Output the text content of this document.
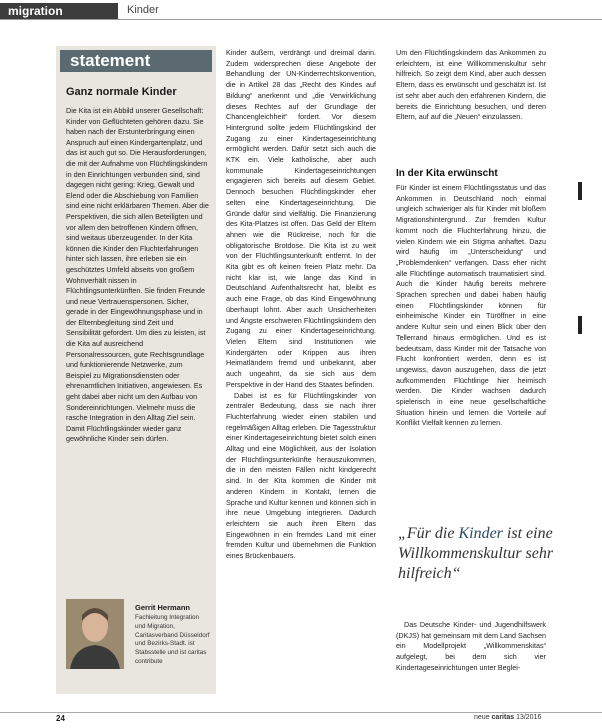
migration	Kinder
statement
Ganz normale Kinder
Die Kita ist ein Abbild unserer Gesellschaft: Kinder von Geflüchteten gehören dazu. Sie haben nach der Erstunterbringung einen Anspruch auf einen Kindergartenplatz, und das ist auch gut so. Die Herausforderungen, die mit der Aufnahme von Flüchtlingskindern in den Einrichtungen verbunden sind, sind dagegen nicht gering: Krieg, Gewalt und Elend oder die Abschiebung von Familien sind eine nicht erklärbaren Themen. Aber die Perspektiven, die sich allen Beteiligten und vor allem den betroffenen Kindern öffnen, sind weitaus überzeugender. In der Kita können die Kinder den Fluchterfahrungen hinter sich lassen, ihre erleben sie ein geschütztes Umfeld abseits von großem Wohnverhält nissen in Flüchtlingsunterkünften. Sie finden Freunde und neue Vertrauenspersonen. Sicher, gerade in der Eingewöhnungsphase und in der Elternbegleitung sind Zeit und Sensibilität gefordert. Um dies zu leisten, ist die Kita auf ausreichend Personalressourcen, gute Rechtsgrundlage und funktionierende Netzwerke, zum Beispiel zu Migrationsdiensten oder ehrenamtlichen Initiativen, angewiesen. Es geht dabei aber nicht um den Aufbau von Sondereinrichtungen. Vielmehr muss die rasche Integration in den Alltag Ziel sein. Damit Flüchtlingskinder wieder ganz gewöhnliche Kinder sein dürfen.
Gerrit Hermann
Fachleitung Integration und Migration, Caritasverband Düsseldorf und Bezirks-Stadt. ist Stabsstelle und ist caritas contribute

Kinder äußern, verdrängt und dreimal darin. Zudem widersprechen diese Angebote der Behandlung der UN-Kinderrechtskonvention, die in Artikel 28 das „Recht des Kindes auf Bildung“ anerkennt und „die Verwirklichung dieses Rechtes auf der Grundlage der Chancengleichheit“ fordert. Vor diesem Hintergrund sollte jedem Flüchtlingskind der Zugang zu einer Kindertageseinrichtung ermöglicht werden. Dafür setzt sich auch die KTK ein. Viele katholische, aber auch kommunale Kindertageseinrichtungen engagieren sich bereits auf diesem Gebiet. Dennoch besuchen Flüchtlingskinder eher selten eine Kindertageseinrichtung. Die Gründe dafür sind vielfältig. Die Finanzierung des Kita-Platzes ist offen. Das Geld der Eltern ahnen wie die Rückreise, noch für die obligatorische Brotdose. Die Kita ist zu weit von der Flüchtlingsunterkunft entfernt. In der Kita gibt es oft keinen freien Platz mehr. Da nicht klar ist, wie lange das Kind in Deutschland Aufenthaltsrecht hat, bleibt es auch eine Frage, ob das Kind Eingewöhnung überhaupt lohnt. Aber auch Unsicherheiten und Ängste erschweren Flüchtlingskindern den Zugang zu einer Kindertageseinrichtung. Vielen Eltern sind Institutionen wie Kindergärten oder Krippen aus ihren Heimatländern fremd und unbekannt, aber auch ungeahnt, da sie sich aus dem Perspektive in der Hand des Staates befinden.

Dabei ist es für Flüchtlingskinder von zentraler Bedeutung, dass sie nach ihrer Fluchterfahrung wieder einen stabilen und regelmäßigen Alltag erleben. Die Tagesstruktur einer Kindertageseinrichtung bietet solch einen Alltag und eine Möglichkeit, aus der Isolation der Flüchtlingsunterkünfte herauszukommen, die in den meisten Fällen nicht kindgerecht sind. In der Kita kommen die Kinder mit anderen Kindern in Kontakt, lernen die Sprache und Kultur kennen und können sich in ihre neue Umgebung integrieren. Dadurch erleichtern sie auch ihren Eltern das Eingewöhnen in ein fremdes Land mit einer fremden Kultur und übernehmen die Funktion eines Brückenbauers.

Um den Flüchtlingskindern das Ankommen zu erleichtern, ist eine Willkommenskultur sehr hilfreich. So zeigt dem Kind, aber auch dessen Eltern, dass es erwünscht und geschätzt ist. Ist ist sehr aber auch den erfahrenen Kindern, die bereits die Einrichtung besuchen, und deren Eltern, auf auf die „Neuen“ einzulassen.

In der Kita erwünscht

Für Kinder ist einem Flüchtlingsstatus und das Ankommen in Deutschland noch einmal ungleich schwieriger als für Kinder mit bloßem Migrationshintergrund. Zur fremden Kultur kommt noch die Fluchterfahrung hinzu, die vielen Kindern wie ein Stigma anhaftet. Dazu wird häufig im „Unterscheidung“ und „Problemdenken“ verfangen. Dass eher nicht alle Flüchtlinge automatisch traumatisiert sind. Auch die Kinder häufig bereits mehrere Sprachen sprechen und dabei haben häufig einen Flüchtlingskinder können für einheimische Kinder ein Türöffner in eine andere Kultur sein und einen Blick über den Tellerrand hinaus ermöglichen. Und es ist bedeutsam, dass Kinder mit der Tatsache von Flucht konfrontiert werden, denn es ist ungewiss, davon auszugehen, dass die jetzt aufkommenden Flüchtlinge hier heimisch werden. Die Kinder wachsen dadurch spielerisch in eine neue gesellschaftliche Situation hinein und lernen die Vorteile auf Konflikt Vielfalt kennen zu lernen.

„Für die Kinder ist eine Willkommenskultur sehr hilfreich“

Das Deutsche Kinder- und Jugendhilfswerk (DKJS) hat gemeinsam mit dem Land Sachsen ein Modellprojekt „Willkommenskitas“ aufgelegt, bei dem sich vier Kindertageseinrichtungen unter Beglei-

24	neue caritas 13/2016
